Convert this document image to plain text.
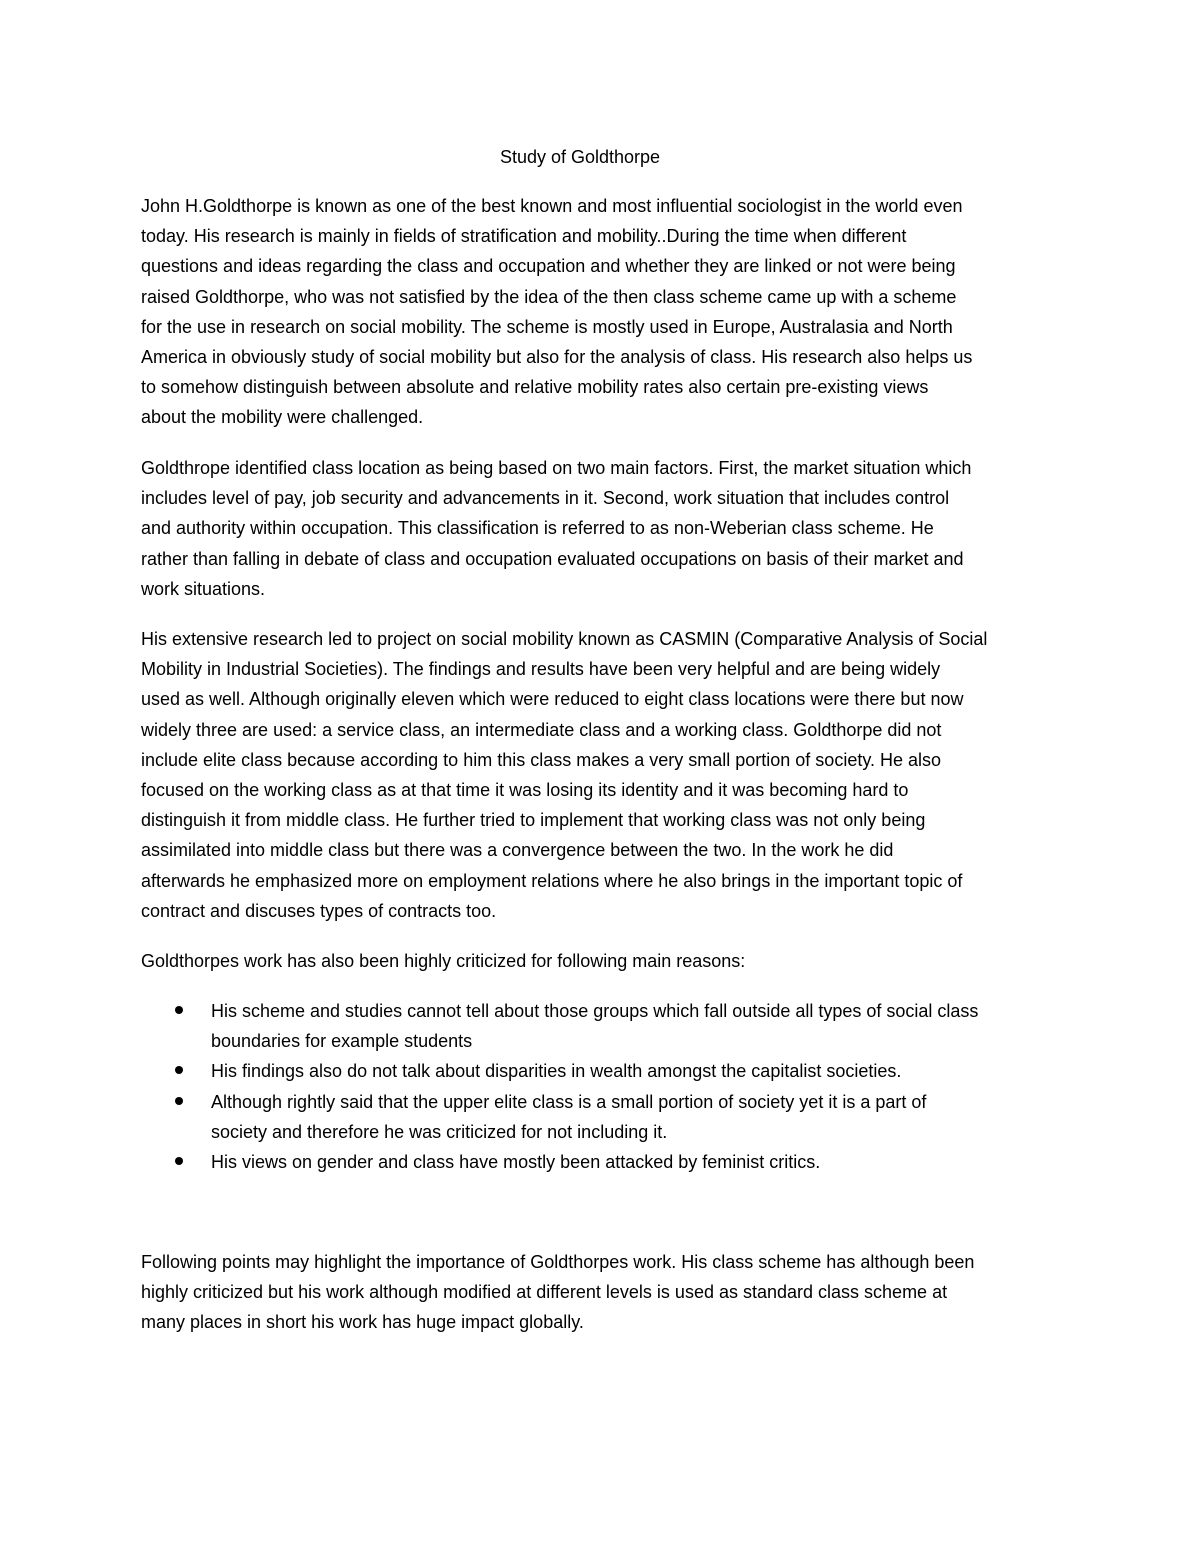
Study of Goldthorpe

John H.Goldthorpe is known as one of the best known and most influential sociologist in the world even
today. His research is mainly in fields of stratification and mobility..During the time when different
questions and ideas regarding the class and occupation and whether they are linked or not were being
raised Goldthorpe, who was not satisfied by the idea of the then class scheme came up with a scheme
for the use in research on social mobility. The scheme is mostly used in Europe, Australasia and North
America in obviously study of social mobility but also for the analysis of class. His research also helps us
to somehow distinguish between absolute and relative mobility rates also certain pre-existing views
about the mobility were challenged.

Goldthrope identified class location as being based on two main factors. First, the market situation which
includes level of pay, job security and advancements in it. Second, work situation that includes control
and authority within occupation. This classification is referred to as non-Weberian class scheme. He
rather than falling in debate of class and occupation evaluated occupations on basis of their market and
work situations.

His extensive research led to project on social mobility known as CASMIN (Comparative Analysis of Social
Mobility in Industrial Societies). The findings and results have been very helpful and are being widely
used as well. Although originally eleven which were reduced to eight class locations were there but now
widely three are used: a service class, an intermediate class and a working class. Goldthorpe did not
include elite class because according to him this class makes a very small portion of society. He also
focused on the working class as at that time it was losing its identity and it was becoming hard to
distinguish it from middle class. He further tried to implement that working class was not only being
assimilated into middle class but there was a convergence between the two. In the work he did
afterwards he emphasized more on employment relations where he also brings in the important topic of
contract and discuses types of contracts too.

Goldthorpes work has also been highly criticized for following main reasons:

His scheme and studies cannot tell about those groups which fall outside all types of social class
boundaries for example students
His findings also do not talk about disparities in wealth amongst the capitalist societies.
Although rightly said that the upper elite class is a small portion of society yet it is a part of
society and therefore he was criticized for not including it.
His views on gender and class have mostly been attacked by feminist critics.

Following points may highlight the importance of Goldthorpes work. His class scheme has although been
highly criticized but his work although modified at different levels is used as standard class scheme at
many places in short his work has huge impact globally.
